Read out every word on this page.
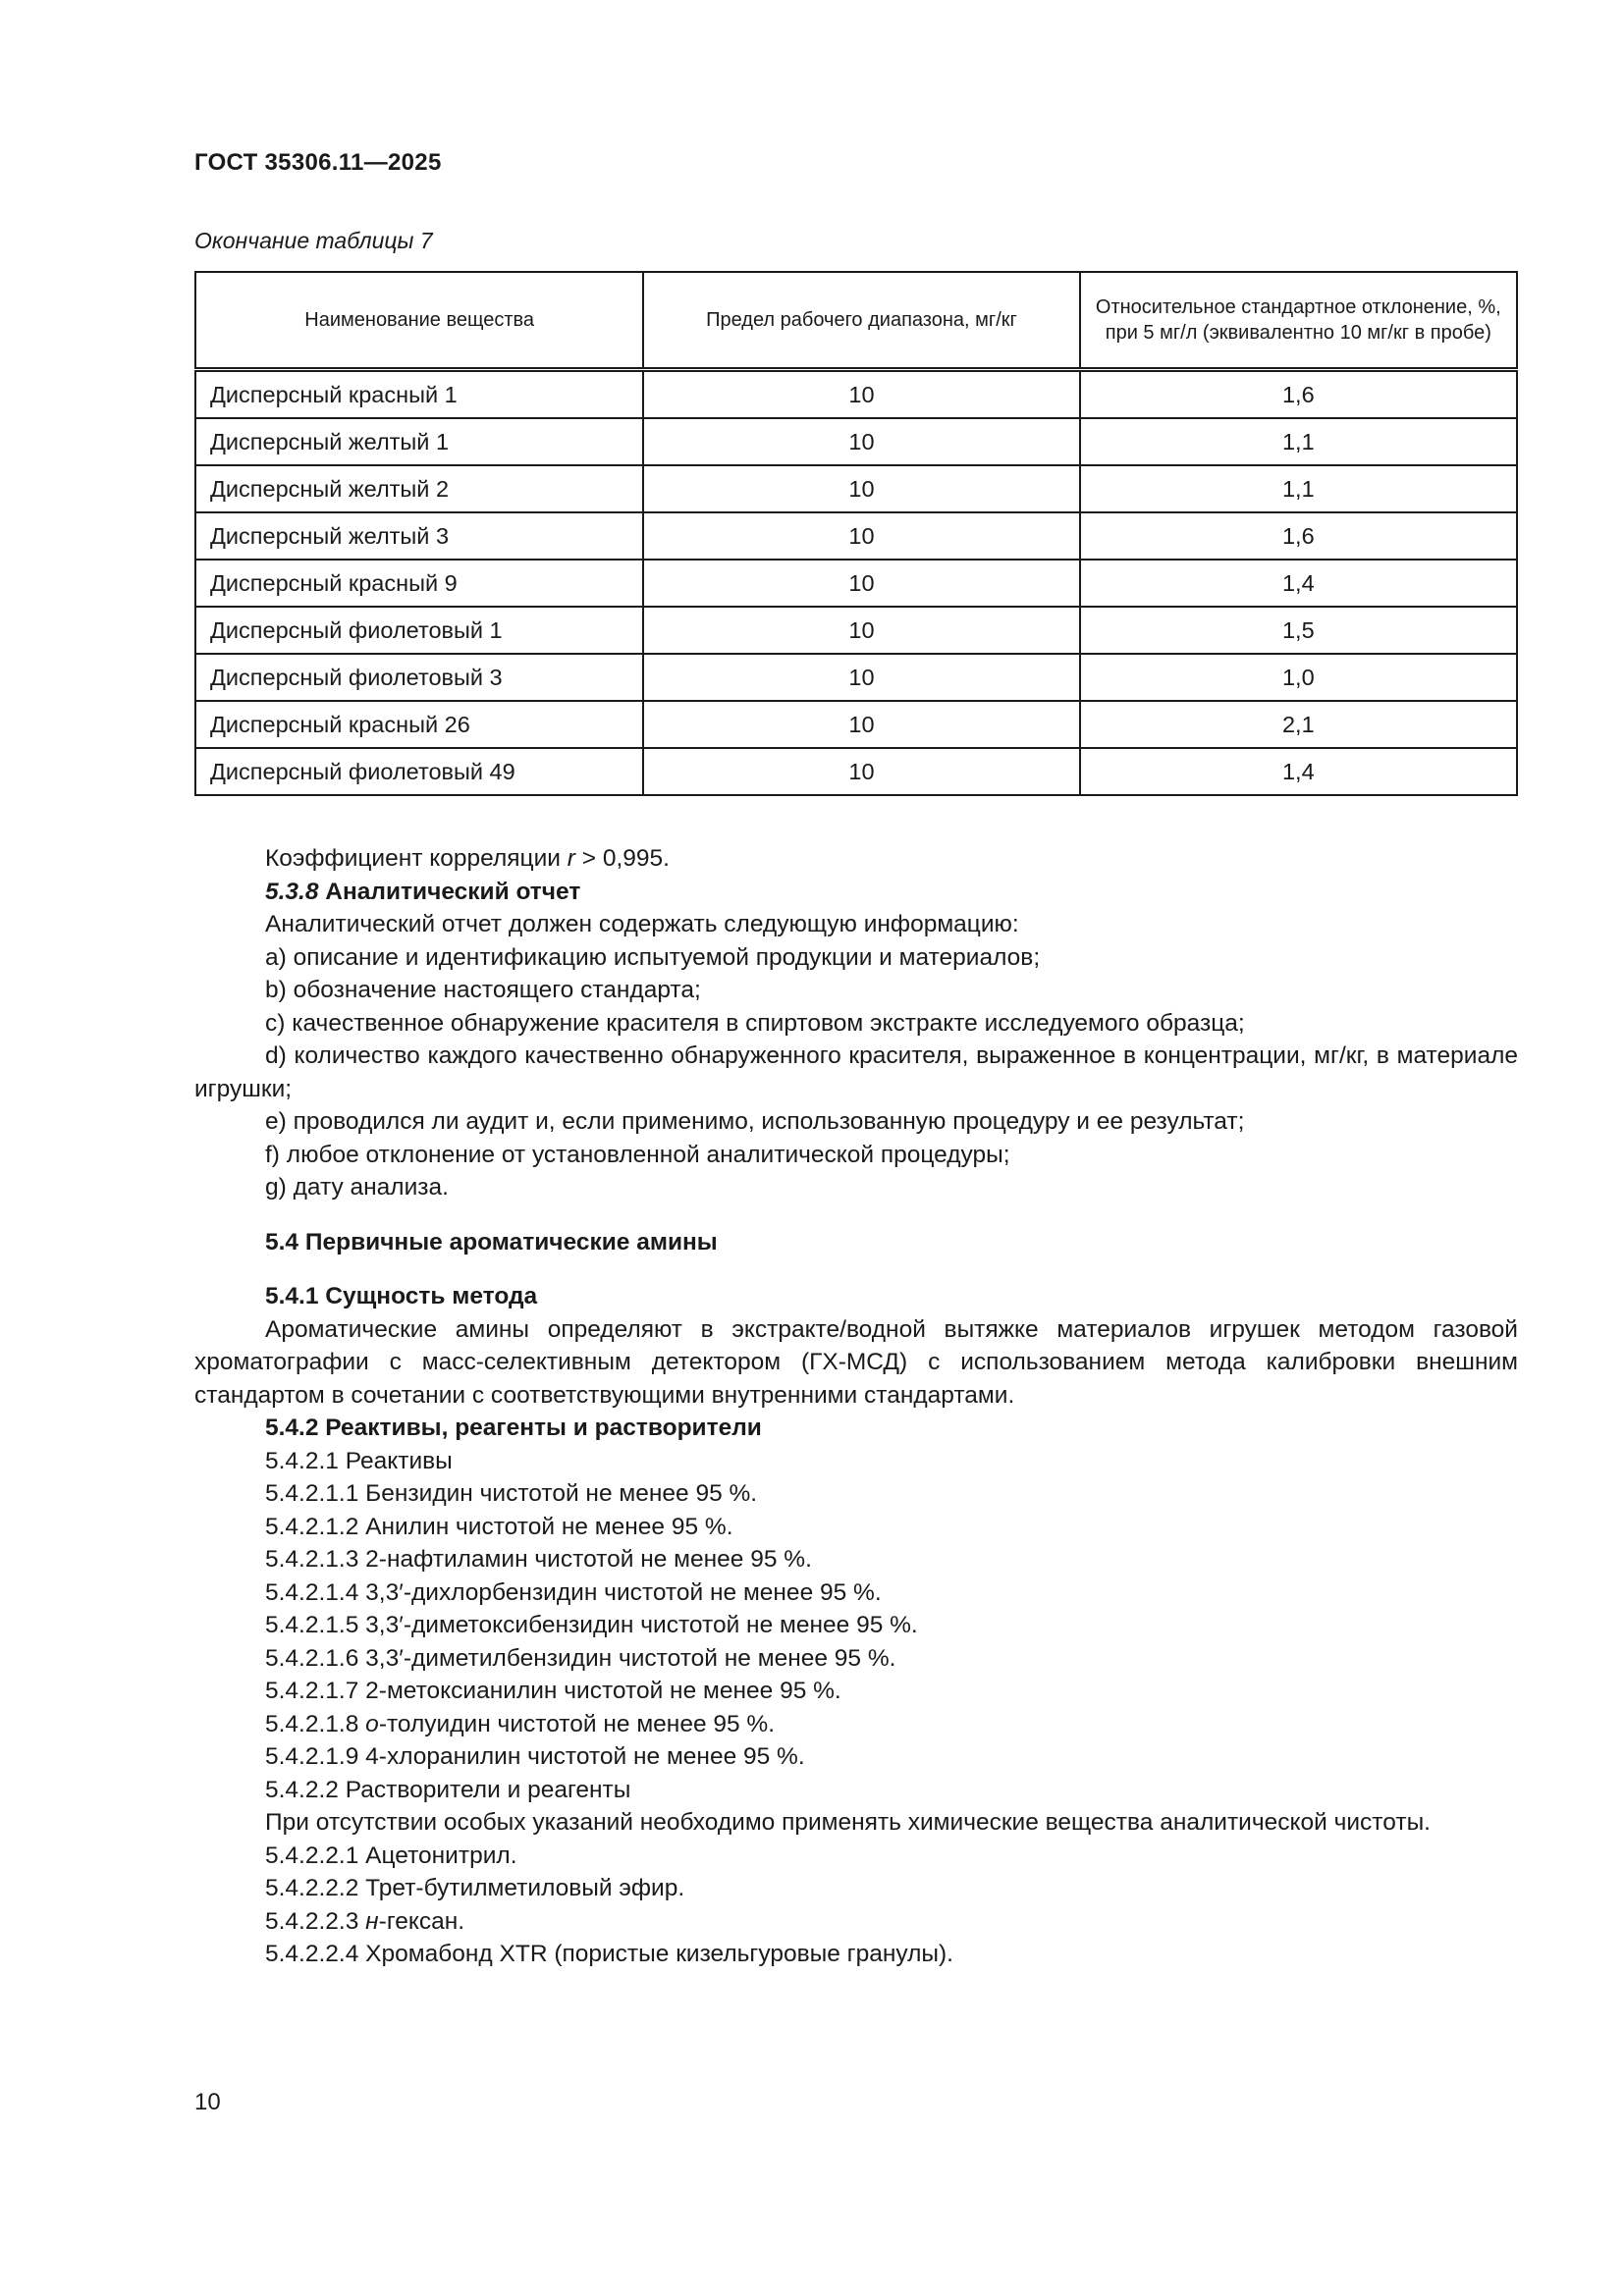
ГОСТ 35306.11—2025
Окончание таблицы 7
Наименование вещества	Предел рабочего диапазона, мг/кг	Относительное стандартное отклонение, %, при 5 мг/л (эквивалентно 10 мг/кг в пробе)
Дисперсный красный 1	10	1,6
Дисперсный желтый 1	10	1,1
Дисперсный желтый 2	10	1,1
Дисперсный желтый 3	10	1,6
Дисперсный красный 9	10	1,4
Дисперсный фиолетовый 1	10	1,5
Дисперсный фиолетовый 3	10	1,0
Дисперсный красный 26	10	2,1
Дисперсный фиолетовый 49	10	1,4

Коэффициент корреляции r > 0,995.

5.3.8 Аналитический отчет

Аналитический отчет должен содержать следующую информацию:

a) описание и идентификацию испытуемой продукции и материалов;

b) обозначение настоящего стандарта;

c) качественное обнаружение красителя в спиртовом экстракте исследуемого образца;

d) количество каждого качественно обнаруженного красителя, выраженное в концентрации, мг/кг, в материале игрушки;

e) проводился ли аудит и, если применимо, использованную процедуру и ее результат;

f) любое отклонение от установленной аналитической процедуры;

g) дату анализа.

5.4 Первичные ароматические амины

5.4.1 Сущность метода

Ароматические амины определяют в экстракте/водной вытяжке материалов игрушек методом газовой хроматографии с масс-селективным детектором (ГХ-МСД) с использованием метода калибровки внешним стандартом в сочетании с соответствующими внутренними стандартами.

5.4.2 Реактивы, реагенты и растворители

5.4.2.1 Реактивы

5.4.2.1.1 Бензидин чистотой не менее 95 %.

5.4.2.1.2 Анилин чистотой не менее 95 %.

5.4.2.1.3 2-нафтиламин чистотой не менее 95 %.

5.4.2.1.4 3,3′-дихлорбензидин чистотой не менее 95 %.

5.4.2.1.5 3,3′-диметоксибензидин чистотой не менее 95 %.

5.4.2.1.6 3,3′-диметилбензидин чистотой не менее 95 %.

5.4.2.1.7 2-метоксианилин чистотой не менее 95 %.

5.4.2.1.8 о-толуидин чистотой не менее 95 %.

5.4.2.1.9 4-хлоранилин чистотой не менее 95 %.

5.4.2.2 Растворители и реагенты

При отсутствии особых указаний необходимо применять химические вещества аналитической чистоты.

5.4.2.2.1 Ацетонитрил.

5.4.2.2.2 Трет-бутилметиловый эфир.

5.4.2.2.3 н-гексан.

5.4.2.2.4 Хромабонд XTR (пористые кизельгуровые гранулы).

10
